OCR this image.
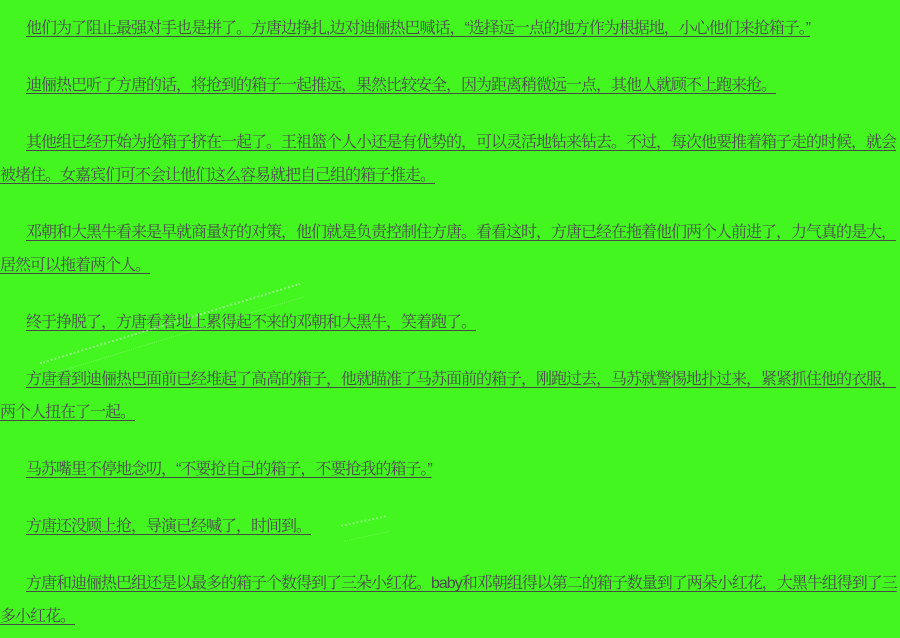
他们为了阻止最强对手也是拼了。方唐边挣扎,边对迪俪热巴喊话，“选择远一点的地方作为根据地，小心他们来抢箱子。”

迪俪热巴听了方唐的话，将抢到的箱子一起推远，果然比较安全，因为距离稍微远一点，其他人就顾不上跑来抢。

其他组已经开始为抢箱子挤在一起了。王祖篮个人小还是有优势的，可以灵活地钻来钻去。不过，每次他要推着箱子走的时候，就会被堵住。女嘉宾们可不会让他们这么容易就把自己组的箱子推走。

邓朝和大黑牛看来是早就商量好的对策，他们就是负责控制住方唐。看看这时，方唐已经在拖着他们两个人前进了，力气真的是大，居然可以拖着两个人。

终于挣脱了，方唐看着地上累得起不来的邓朝和大黑牛，笑着跑了。

方唐看到迪俪热巴面前已经堆起了高高的箱子，他就瞄准了马苏面前的箱子，刚跑过去，马苏就警惕地扑过来，紧紧抓住他的衣服，两个人扭在了一起。

马苏嘴里不停地念叨，“不要抢自己的箱子，不要抢我的箱子。”

方唐还没顾上抢，导演已经喊了，时间到。

方唐和迪俪热巴组还是以最多的箱子个数得到了三朵小红花。baby和邓朝组得以第二的箱子数量到了两朵小红花，大黑牛组得到了三多小红花。
